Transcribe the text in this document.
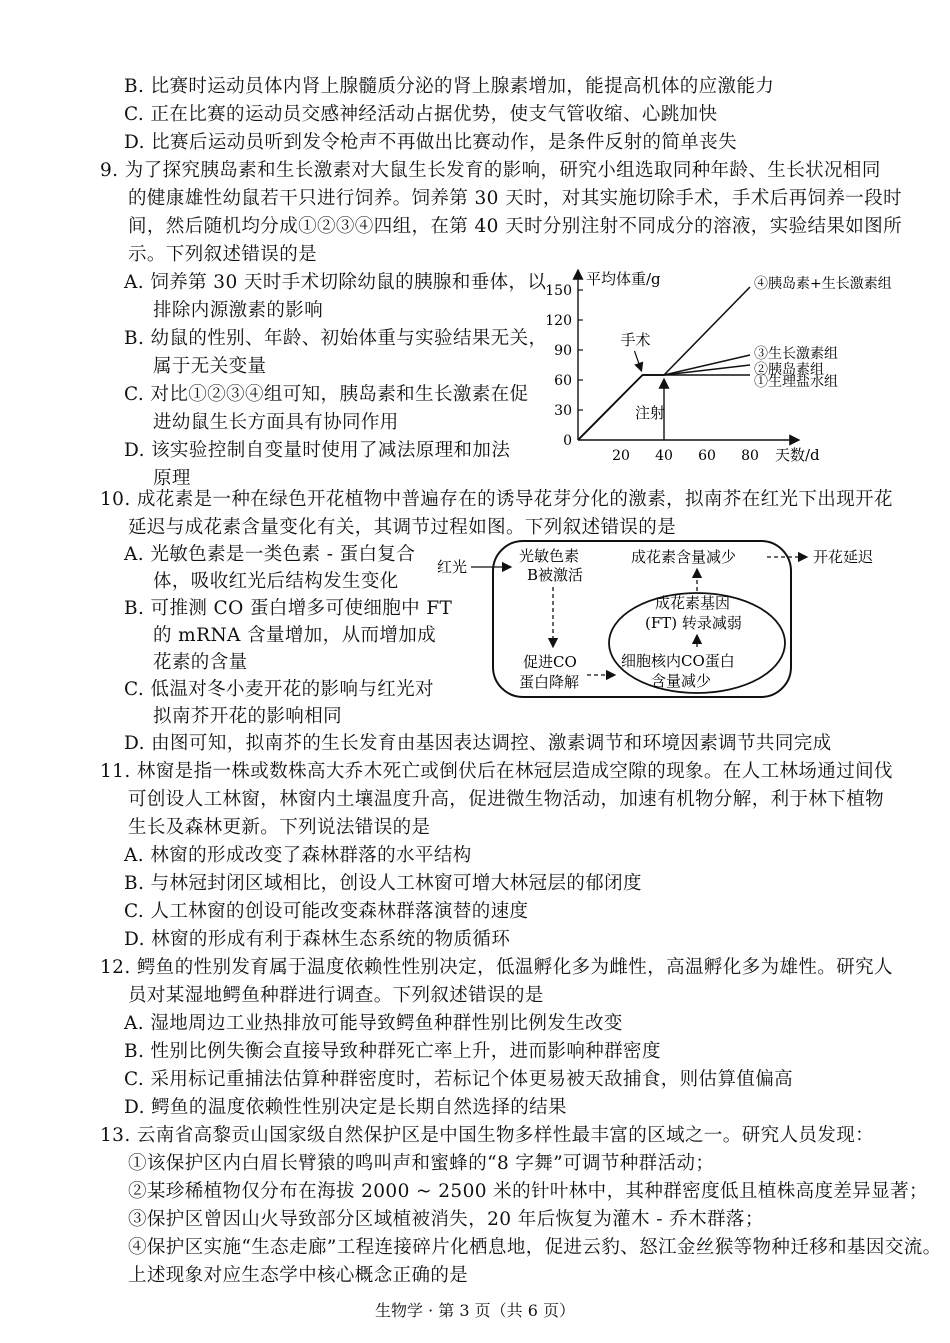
B. 比赛时运动员体内肾上腺髓质分泌的肾上腺素增加，能提高机体的应激能力
C. 正在比赛的运动员交感神经活动占据优势，使支气管收缩、心跳加快
D. 比赛后运动员听到发令枪声不再做出比赛动作，是条件反射的简单丧失
9. 为了探究胰岛素和生长激素对大鼠生长发育的影响，研究小组选取同种年龄、生长状况相同
的健康雄性幼鼠若干只进行饲养。饲养第 30 天时，对其实施切除手术，手术后再饲养一段时
间，然后随机均分成①②③④四组，在第 40 天时分别注射不同成分的溶液，实验结果如图所
示。下列叙述错误的是
A. 饲养第 30 天时手术切除幼鼠的胰腺和垂体，以
排除内源激素的影响
B. 幼鼠的性别、年龄、初始体重与实验结果无关，
属于无关变量
C. 对比①②③④组可知，胰岛素和生长激素在促
进幼鼠生长方面具有协同作用
D. 该实验控制自变量时使用了减法原理和加法
原理
平均体重/g
0
30
60
90
120
150
20 40 60 80 天数/d
④胰岛素+生长激素组
③生长激素组
②胰岛素组
①生理盐水组
手术
注射
10. 成花素是一种在绿色开花植物中普遍存在的诱导花芽分化的激素，拟南芥在红光下出现开花
延迟与成花素含量变化有关，其调节过程如图。下列叙述错误的是
A. 光敏色素是一类色素 - 蛋白复合
体，吸收红光后结构发生变化
B. 可推测 CO 蛋白增多可使细胞中 FT
的 mRNA 含量增加，从而增加成
花素的含量
C. 低温对冬小麦开花的影响与红光对
拟南芥开花的影响相同
D. 由图可知，拟南芥的生长发育由基因表达调控、激素调节和环境因素调节共同完成
红光
光敏色素
B被激活
促进CO
蛋白降解
细胞核内CO蛋白
含量减少
成花素基因
(FT) 转录减弱
成花素含量减少	开花延迟
11. 林窗是指一株或数株高大乔木死亡或倒伏后在林冠层造成空隙的现象。在人工林场通过间伐
可创设人工林窗，林窗内土壤温度升高，促进微生物活动，加速有机物分解，利于林下植物
生长及森林更新。下列说法错误的是
A. 林窗的形成改变了森林群落的水平结构
B. 与林冠封闭区域相比，创设人工林窗可增大林冠层的郁闭度
C. 人工林窗的创设可能改变森林群落演替的速度
D. 林窗的形成有利于森林生态系统的物质循环
12. 鳄鱼的性别发育属于温度依赖性性别决定，低温孵化多为雌性，高温孵化多为雄性。研究人
员对某湿地鳄鱼种群进行调查。下列叙述错误的是
A. 湿地周边工业热排放可能导致鳄鱼种群性别比例发生改变
B. 性别比例失衡会直接导致种群死亡率上升，进而影响种群密度
C. 采用标记重捕法估算种群密度时，若标记个体更易被天敌捕食，则估算值偏高
D. 鳄鱼的温度依赖性性别决定是长期自然选择的结果
13. 云南省高黎贡山国家级自然保护区是中国生物多样性最丰富的区域之一。研究人员发现：
①该保护区内白眉长臂猿的鸣叫声和蜜蜂的“8 字舞”可调节种群活动；
②某珍稀植物仅分布在海拔 2000 ~ 2500 米的针叶林中，其种群密度低且植株高度差异显著；
③保护区曾因山火导致部分区域植被消失，20 年后恢复为灌木 - 乔木群落；
④保护区实施“生态走廊”工程连接碎片化栖息地，促进云豹、怒江金丝猴等物种迁移和基因交流。
上述现象对应生态学中核心概念正确的是
生物学 · 第 3 页（共 6 页）
